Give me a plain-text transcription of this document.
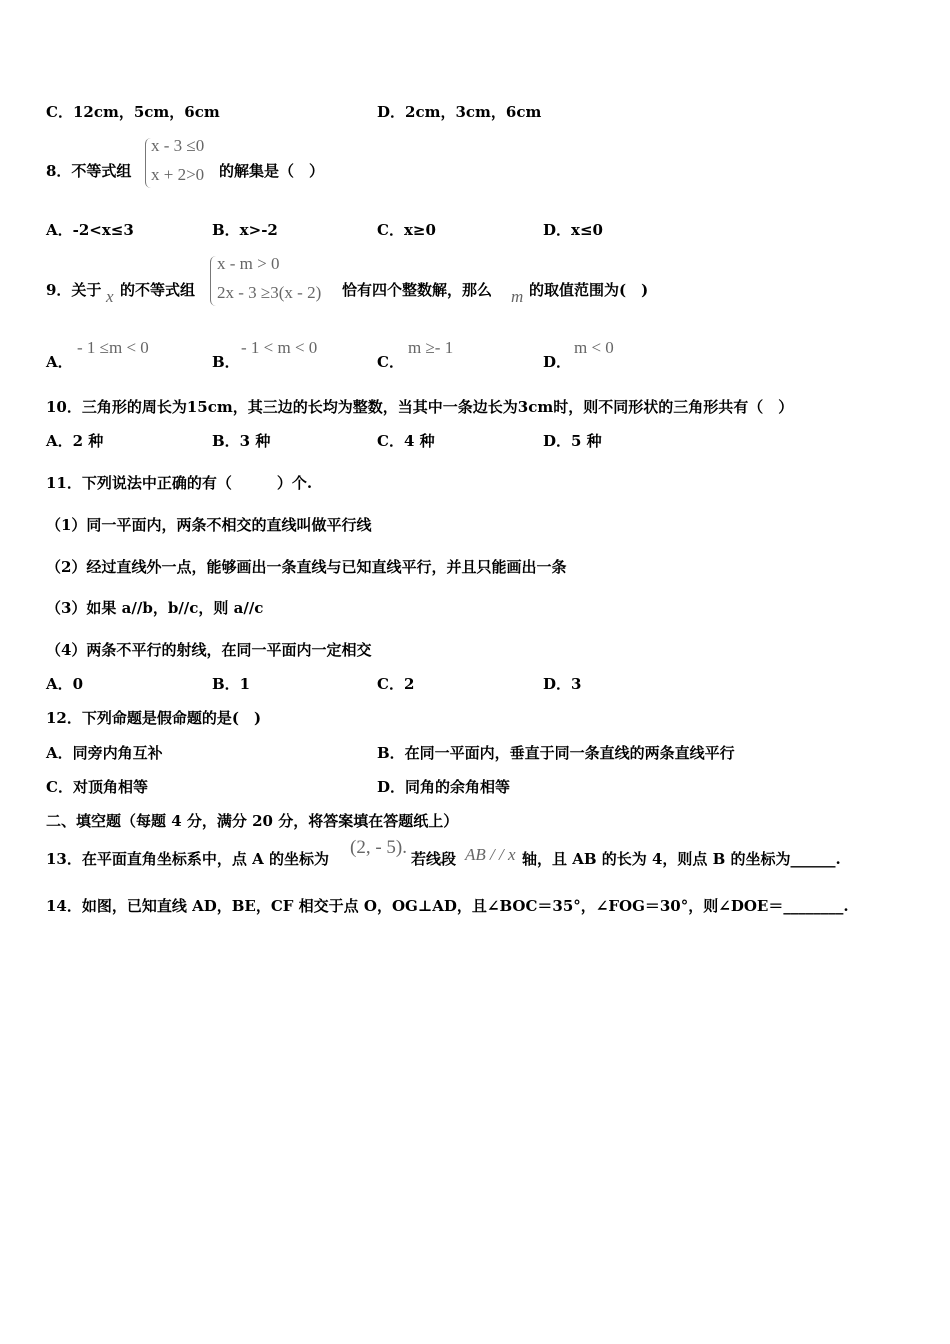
C．12cm，5cm，6cm	D．2cm，3cm，6cm
8．不等式组
x - 3 ≤0
x + 2>0 的解集是（　）
A．-2<x≤3	B．x>-2	C．x≥0	D．x≤0
9．关于 x 的不等式组
x - m > 0
2x - 3 ≥3(x - 2) 恰有四个整数解，那么 m 的取值范围为(　)
A．
- 1 ≤m < 0
B．
- 1 < m < 0
C．
m ≥- 1
D．
m < 0
10．三角形的周长为15cm，其三边的长均为整数，当其中一条边长为3cm时，则不同形状的三角形共有（　）
A．2 种	B．3 种	C．4 种	D．5 种
11．下列说法中正确的有（　　　）个.
（1）同一平面内，两条不相交的直线叫做平行线
（2）经过直线外一点，能够画出一条直线与已知直线平行，并且只能画出一条
（3）如果 a//b，b//c，则 a//c
（4）两条不平行的射线，在同一平面内一定相交
A．0	B．1	C．2	D．3
12．下列命题是假命题的是(　)
A．同旁内角互补	B．在同一平面内，垂直于同一条直线的两条直线平行
C．对顶角相等	D．同角的余角相等
二、填空题（每题 4 分，满分 20 分，将答案填在答题纸上）
13．在平面直角坐标系中，点 A 的坐标为
(2, - 5).
若线段 AB / / x 轴，且 AB 的长为 4，则点 B 的坐标为______.
14．如图，已知直线 AD，BE，CF 相交于点 O，OG⊥AD，且∠BOC＝35°，∠FOG＝30°，则∠DOE＝________.
